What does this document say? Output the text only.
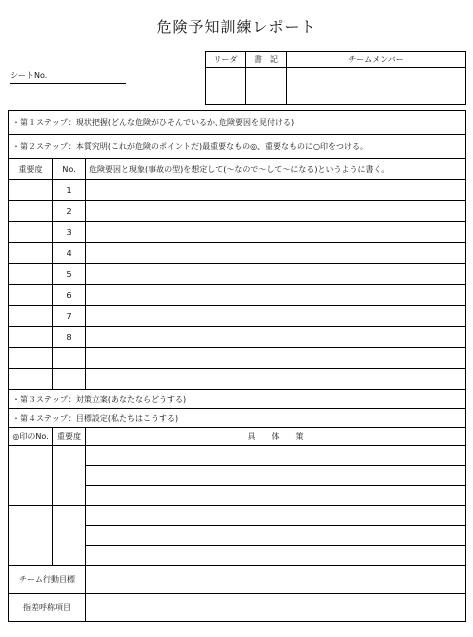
危険予知訓練レポート
シートNo.
リーダ	書　記	チームメンバー

・第１ステップ：現状把握(どんな危険がひそんでいるか､危険要因を見付ける)		
・第２ステップ：本質究明(これが危険のポイントだ)最重要なもの◎、重要なものに○印をつける。		
重要度	No.	危険要因と現象(事故の型)を想定して(～なので～して～になる)というように書く。
	1	
	2	
	3	
	4	
	5	
	6	
	7	
	8	

・第３ステップ：対策立案(あなたならどうする)		
・第４ステップ：目標設定(私たちはこうする)		
◎印のNo.	重要度	具　　体　　策

チーム行動目標		
指差呼称項目		
